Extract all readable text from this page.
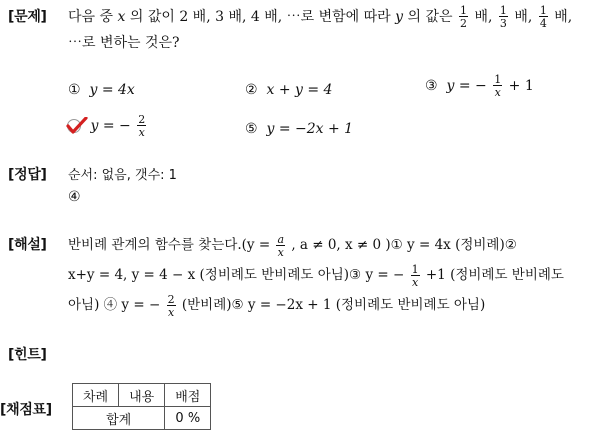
[문제]
[정답]
[해설]
[힌트]
[채점표]
다음 중 x 의 값이 2 배, 3 배, 4 배, ⋯로 변함에 따라 y 의 값은 $\frac{1}{2}$ 배, $\frac{1}{3}$ 배, $\frac{1}{4}$ 배,
⋯로 변하는 것은?
① y = 4x	② x + y = 4	③ y = − $\frac{1}{x} + 1$
y = − $\frac{2}{x}$	⑤ y = −2x + 1
순서: 없음, 갯수: 1
④
반비례 관계의 함수를 찾는다$.(y = \frac{a}{x}$ , a ≠ 0, x ≠ 0 )① y = 4x (정비례)②
x+y = 4, y = 4 − x (정비례도 반비례도 아님)③ y = − $\frac{1}{x} +1$ (정비례도 반비례도
아님) ④ y = − $\frac{2}{x}$ (반비례)⑤ y = −2x + 1 (정비례도 반비례도 아님)
차례	내용	배점
합계		0 %
